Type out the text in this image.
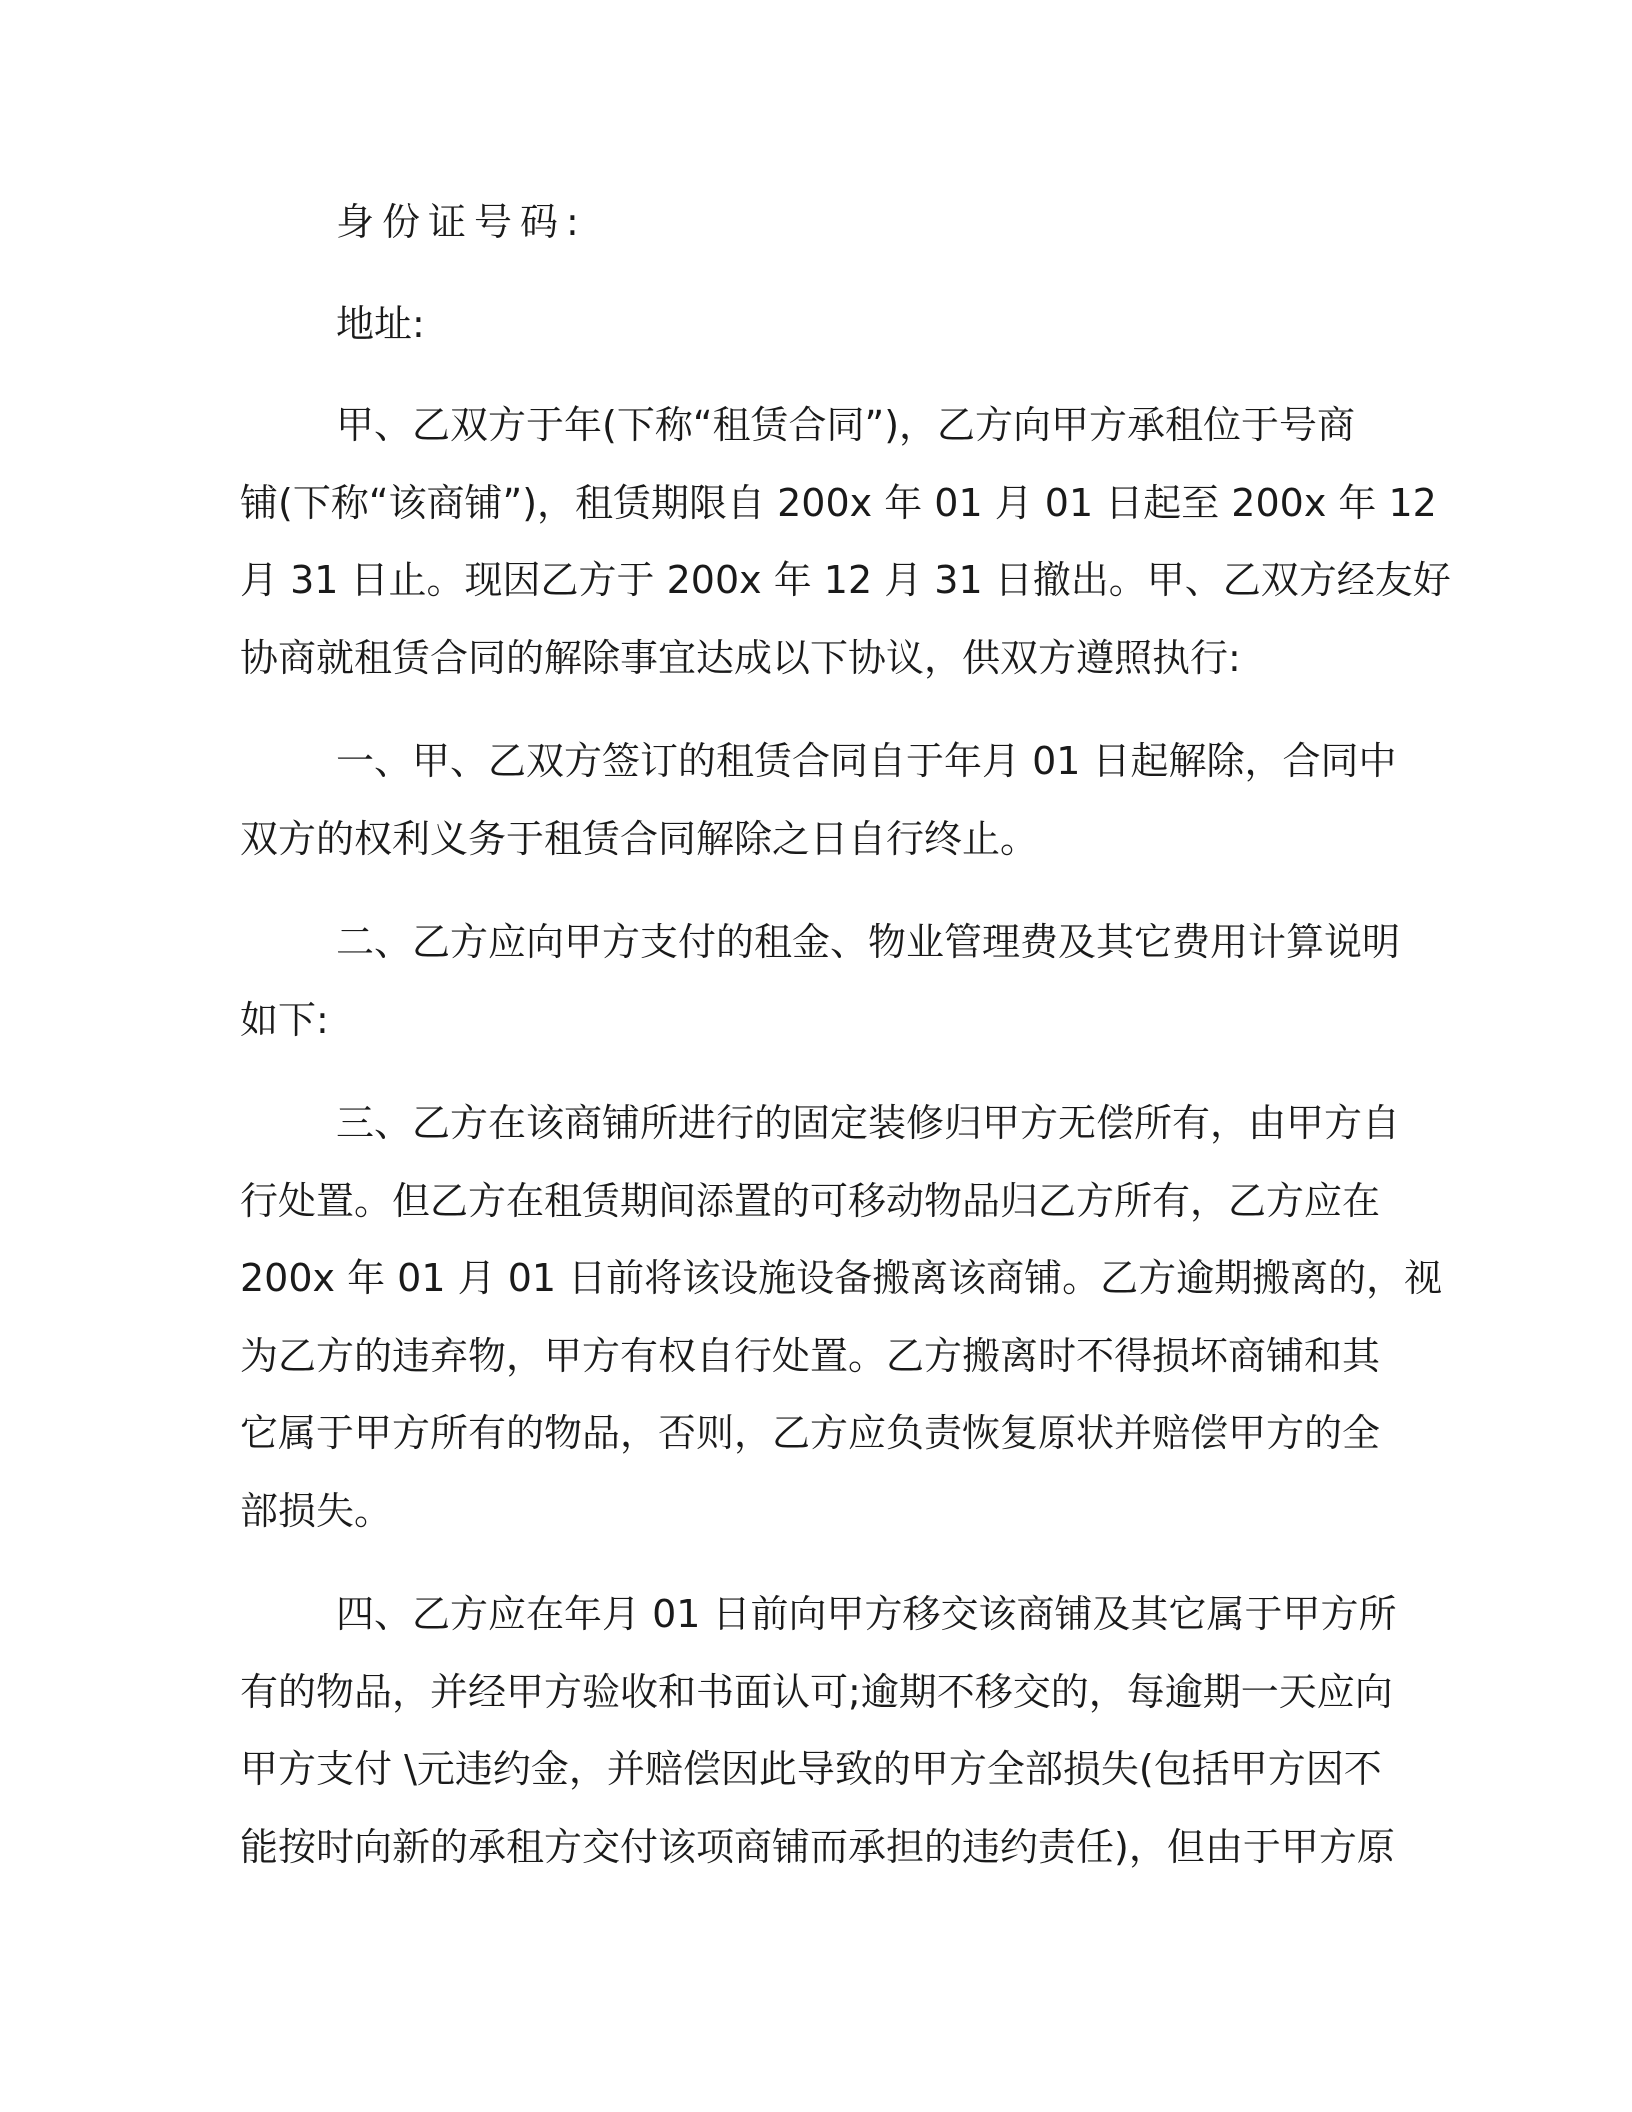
身份证号码:

地址:

甲、乙双方于年(下称“租赁合同”)，乙方向甲方承租位于号商
铺(下称“该商铺”)，租赁期限自 200x 年 01 月 01 日起至 200x 年 12
月 31 日止。现因乙方于 200x 年 12 月 31 日撤出。甲、乙双方经友好
协商就租赁合同的解除事宜达成以下协议，供双方遵照执行:
一、甲、乙双方签订的租赁合同自于年月 01 日起解除，合同中
双方的权利义务于租赁合同解除之日自行终止。
二、乙方应向甲方支付的租金、物业管理费及其它费用计算说明
如下:
三、乙方在该商铺所进行的固定装修归甲方无偿所有，由甲方自
行处置。但乙方在租赁期间添置的可移动物品归乙方所有，乙方应在
200x 年 01 月 01 日前将该设施设备搬离该商铺。乙方逾期搬离的，视
为乙方的违弃物，甲方有权自行处置。乙方搬离时不得损坏商铺和其
它属于甲方所有的物品，否则，乙方应负责恢复原状并赔偿甲方的全
部损失。
四、乙方应在年月 01 日前向甲方移交该商铺及其它属于甲方所
有的物品，并经甲方验收和书面认可;逾期不移交的，每逾期一天应向
甲方支付 \元违约金，并赔偿因此导致的甲方全部损失(包括甲方因不
能按时向新的承租方交付该项商铺而承担的违约责任)，但由于甲方原
